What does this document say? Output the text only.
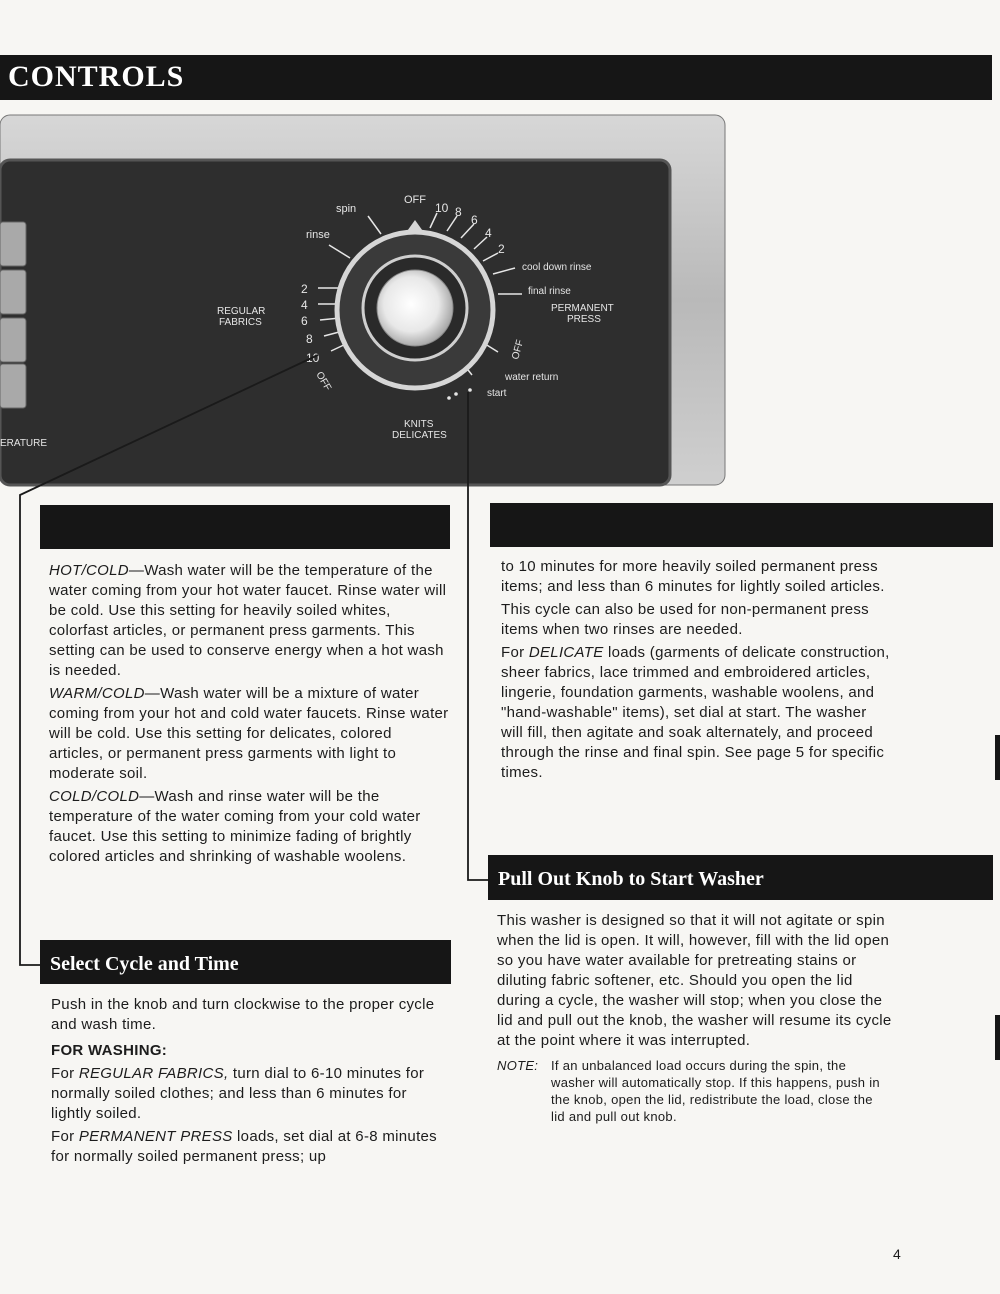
CONTROLS
ERATURE
OFF
10 8
6
4
2
spin
rinse
cool down rinse
final rinse
PERMANENT
PRESS
OFF
water return
start
KNITS
DELICATES
REGULAR
FABRICS
2
4
6
8
10
OFF

HOT/COLD—Wash water will be the temperature of the water coming from your hot water faucet. Rinse water will be cold. Use this setting for heavily soiled whites, colorfast articles, or permanent press garments. This setting can be used to conserve energy when a hot wash is needed.

WARM/COLD—Wash water will be a mixture of water coming from your hot and cold water faucets. Rinse water will be cold. Use this setting for delicates, colored articles, or permanent press garments with light to moderate soil.

COLD/COLD—Wash and rinse water will be the temperature of the water coming from your cold water faucet. Use this setting to minimize fading of brightly colored articles and shrinking of washable woolens.

Select Cycle and Time

Push in the knob and turn clockwise to the proper cycle and wash time.

FOR WASHING:

For REGULAR FABRICS, turn dial to 6-10 minutes for normally soiled clothes; and less than 6 minutes for lightly soiled.

For PERMANENT PRESS loads, set dial at 6-8 minutes for normally soiled permanent press; up

to 10 minutes for more heavily soiled permanent press items; and less than 6 minutes for lightly soiled articles.

This cycle can also be used for non-permanent press items when two rinses are needed.

For DELICATE loads (garments of delicate construction, sheer fabrics, lace trimmed and embroidered articles, lingerie, foundation garments, washable woolens, and "hand-washable" items), set dial at start. The washer will fill, then agitate and soak alternately, and proceed through the rinse and final spin. See page 5 for specific times.

Pull Out Knob to Start Washer

This washer is designed so that it will not agitate or spin when the lid is open. It will, however, fill with the lid open so you have water available for pretreating stains or diluting fabric softener, etc. Should you open the lid during a cycle, the washer will stop; when you close the lid and pull out the knob, the washer will resume its cycle at the point where it was interrupted.

NOTE: If an unbalanced load occurs during the spin, the washer will automatically stop. If this happens, push in the knob, open the lid, redistribute the load, close the lid and pull out knob.
4
